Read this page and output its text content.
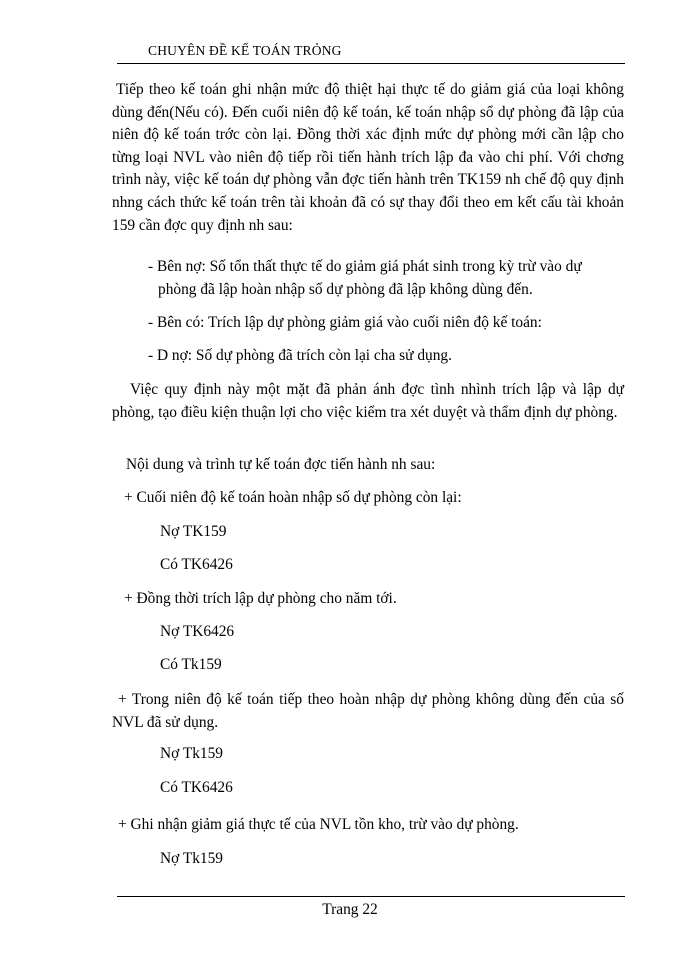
CHUYÊN ĐỀ KẾ TOÁN TRỎNG

Tiếp theo kế toán ghi nhận mức độ thiệt hại thực tế do giảm giá của loại không dùng đến(Nếu có). Đến cuối niên độ kế toán, kế toán nhập sổ dự phòng đã lập của niên độ kế toán trớc còn lại. Đồng thời xác định mức dự phòng mới cần lập cho từng loại NVL vào niên độ tiếp rồi tiến hành trích lập đa vào chi phí. Với chơng trình này, việc kế toán dự phòng vẫn đợc tiến hành trên TK159 nh chế độ quy định nhng cách thức kế toán trên tài khoản đã có sự thay đổi theo em kết cấu tài khoản 159 cần đợc quy định nh sau:

- Bên nợ: Số tổn thất thực tế do giảm giá phát sinh trong kỳ trừ vào dự

phòng đã lập hoàn nhập số dự phòng đã lập không dùng đến.

- Bên có: Trích lập dự phòng giảm giá vào cuối niên độ kế toán:

- D nợ: Số dự phòng đã trích còn lại cha sử dụng.

Việc quy định này một mặt đã phản ánh đợc tình nhình trích lập và lập dự phòng, tạo điều kiện thuận lợi cho việc kiểm tra xét duyệt và thẩm định dự phòng.

Nội dung và trình tự kế toán đợc tiến hành nh sau:

+ Cuối niên độ kế toán hoàn nhập số dự phòng còn lại:

Nợ TK159

Có TK6426

+ Đồng thời trích lập dự phòng cho năm tới.

Nợ TK6426

Có Tk159

+ Trong niên độ kế toán tiếp theo hoàn nhập dự phòng không dùng đến của số NVL đã sử dụng.

Nợ Tk159

Có TK6426

+ Ghi nhận giảm giá thực tế của NVL tồn kho, trừ vào dự phòng.

Nợ Tk159

Trang 22
